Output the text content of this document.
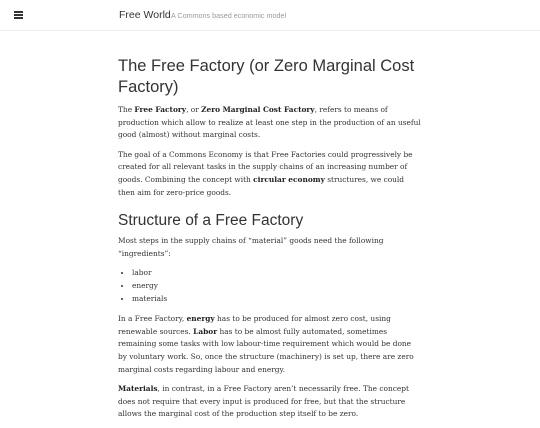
Free World A Commons based economic model
The Free Factory (or Zero Marginal Cost Factory)

The Free Factory, or Zero Marginal Cost Factory, refers to means of production which allow to realize at least one step in the production of an useful good (almost) without marginal costs.

The goal of a Commons Economy is that Free Factories could progressively be created for all relevant tasks in the supply chains of an increasing number of goods. Combining the concept with circular economy structures, we could then aim for zero-price goods.

Structure of a Free Factory

Most steps in the supply chains of “material” goods need the following “ingredients”:

• labor
• energy
• materials

In a Free Factory, energy has to be produced for almost zero cost, using renewable sources. Labor has to be almost fully automated, sometimes remaining some tasks with low labour-time requirement which would be done by voluntary work. So, once the structure (machinery) is set up, there are zero marginal costs regarding labour and energy.

Materials, in contrast, in a Free Factory aren’t necessarily free. The concept does not require that every input is produced for free, but that the structure allows the marginal cost of the production step itself to be zero.
